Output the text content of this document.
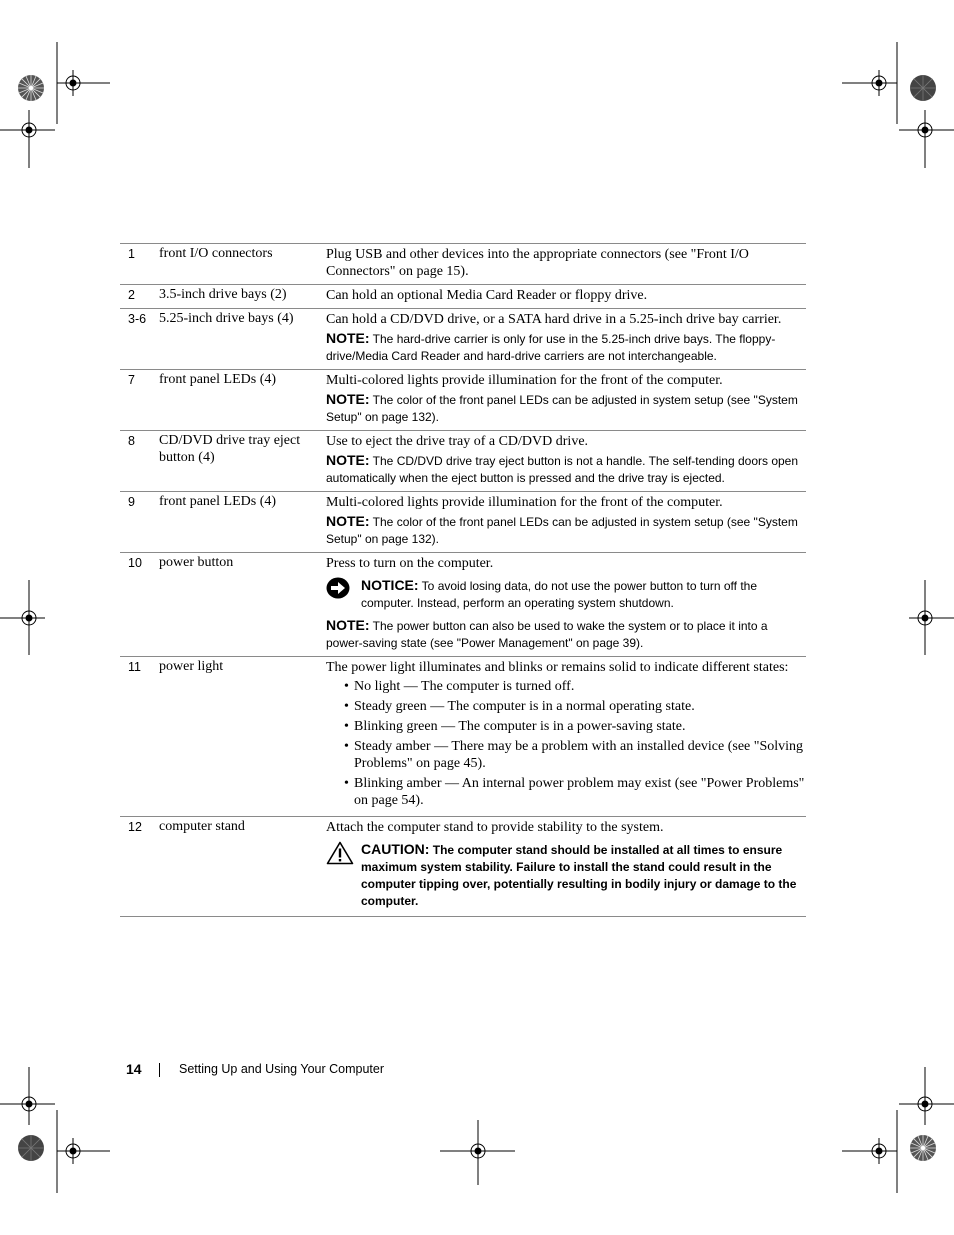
1 front I/O connectors	Plug USB and other devices into the appropriate connectors (see "Front I/O Connectors" on page 15).
2 3.5-inch drive bays (2)	Can hold an optional Media Card Reader or floppy drive.
3-6 5.25-inch drive bays (4)	Can hold a CD/DVD drive, or a SATA hard drive in a 5.25-inch drive bay carrier.
NOTE: The hard-drive carrier is only for use in the 5.25-inch drive bays. The floppy-drive/Media Card Reader and hard-drive carriers are not interchangeable.
7 front panel LEDs (4)	Multi-colored lights provide illumination for the front of the computer.
NOTE: The color of the front panel LEDs can be adjusted in system setup (see "System Setup" on page 132).
8 CD/DVD drive tray eject button (4)
Use to eject the drive tray of a CD/DVD drive.
NOTE: The CD/DVD drive tray eject button is not a handle. The self-tending doors open automatically when the eject button is pressed and the drive tray is ejected.
9 front panel LEDs (4)	Multi-colored lights provide illumination for the front of the computer.
NOTE: The color of the front panel LEDs can be adjusted in system setup (see "System Setup" on page 132).
10 power button	Press to turn on the computer.
NOTICE: To avoid losing data, do not use the power button to turn off the computer. Instead, perform an operating system shutdown.
NOTE: The power button can also be used to wake the system or to place it into a power-saving state (see "Power Management" on page 39).
11 power light	The power light illuminates and blinks or remains solid to indicate different states:
• No light — The computer is turned off.
• Steady green — The computer is in a normal operating state.
• Blinking green — The computer is in a power-saving state.
• Steady amber — There may be a problem with an installed device (see "Solving Problems" on page 45).
• Blinking amber — An internal power problem may exist (see "Power Problems" on page 54).
12 computer stand	Attach the computer stand to provide stability to the system.
CAUTION: The computer stand should be installed at all times to ensure maximum system stability. Failure to install the stand could result in the computer tipping over, potentially resulting in bodily injury or damage to the computer.
14	Setting Up and Using Your Computer
